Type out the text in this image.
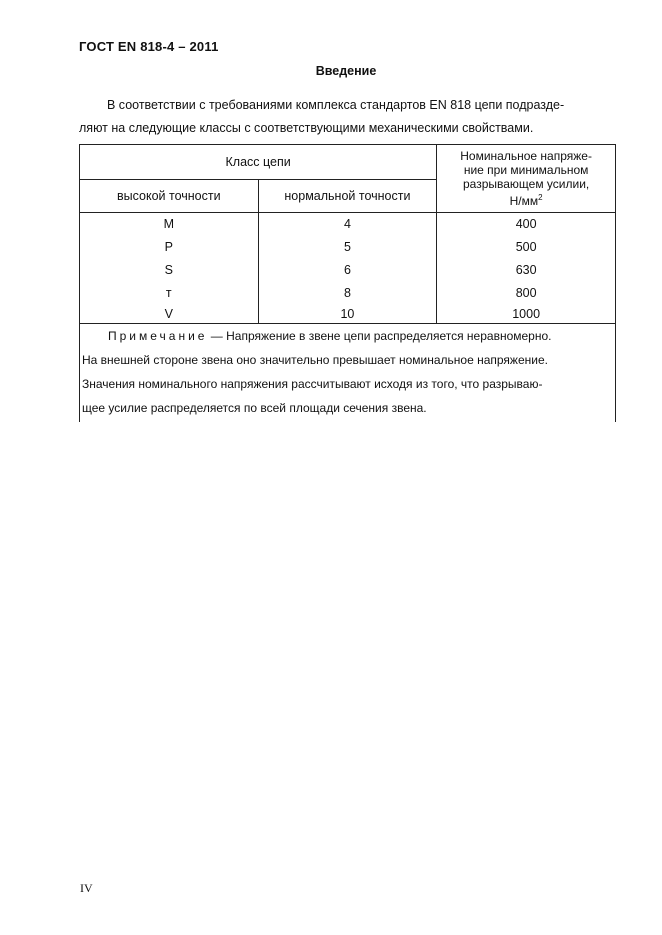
ГОСТ EN 818-4 – 2011
Введение

В соответствии с требованиями комплекса стандартов EN 818 цепи подразде-

ляют на следующие классы с соответствующими механическими свойствами.

Класс цепи		Номинальное напряже-
ние при минимальном
разрывающем усилии,
$Н/мм^2$
высокой точности	нормальной точности	
M	4	400
P	5	500
S	6	630
т	8	800
V	10	1000

Примечание — Напряжение в звене цепи распределяется неравномерно.
На внешней стороне звена оно значительно превышает номинальное напряжение.
Значения номинального напряжения рассчитывают исходя из того, что разрываю-
щее усилие распределяется по всей площади сечения звена.		
IV
